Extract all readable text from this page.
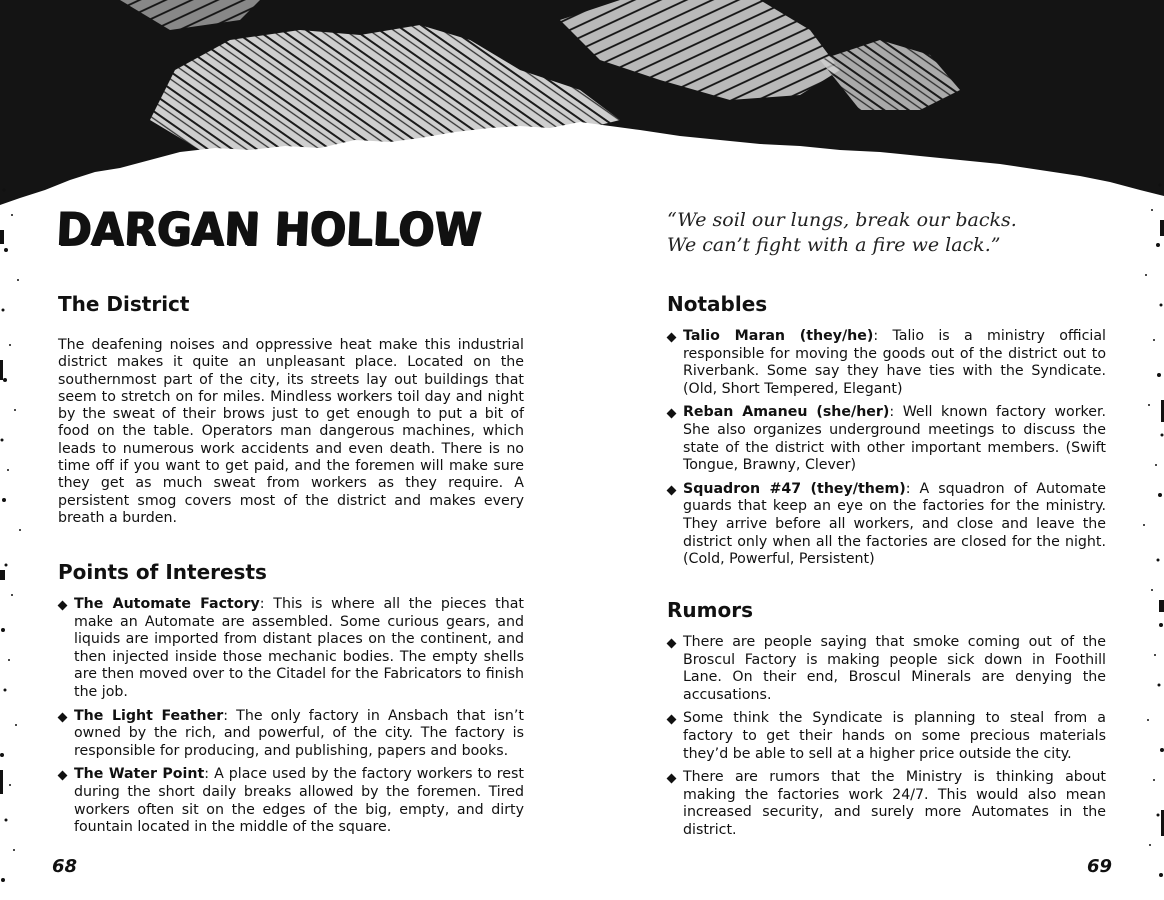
DARGAN HOLLOW	“We soil our lungs, break our backs.
We can’t fight with a fire we lack.”
The District

The deafening noises and oppressive heat make this industrial district makes it quite an unpleasant place. Located on the southernmost part of the city, its streets lay out buildings that seem to stretch on for miles. Mindless workers toil day and night by the sweat of their brows just to get enough to put a bit of food on the table. Operators man dangerous machines, which leads to numerous work accidents and even death. There is no time off if you want to get paid, and the foremen will make sure they get as much sweat from workers as they require. A persistent smog covers most of the district and makes every breath a burden.

Points of Interests
The Automate Factory: This is where all the pieces that make an Automate are assembled. Some curious gears, and liquids are imported from distant places on the continent, and then injected inside those mechanic bodies. The empty shells are then moved over to the Citadel for the Fabricators to finish the job.
The Light Feather: The only factory in Ansbach that isn’t owned by the rich, and powerful, of the city. The factory is responsible for producing, and publishing, papers and books.
The Water Point: A place used by the factory workers to rest during the short daily breaks allowed by the foremen. Tired workers often sit on the edges of the big, empty, and dirty fountain located in the middle of the square.
Notables
Talio Maran (they/he): Talio is a ministry official responsible for moving the goods out of the district out to Riverbank. Some say they have ties with the Syndicate. (Old, Short Tempered, Elegant)
Reban Amaneu (she/her): Well known factory worker. She also organizes underground meetings to discuss the state of the district with other important members. (Swift Tongue, Brawny, Clever)
Squadron #47 (they/them): A squadron of Automate guards that keep an eye on the factories for the ministry. They arrive before all workers, and close and leave the district only when all the factories are closed for the night. (Cold, Powerful, Persistent)
Rumors
There are people saying that smoke coming out of the Broscul Factory is making people sick down in Foothill Lane. On their end, Broscul Minerals are denying the accusations.
Some think the Syndicate is planning to steal from a factory to get their hands on some precious materials they’d be able to sell at a higher price outside the city.
There are rumors that the Ministry is thinking about making the factories work 24/7. This would also mean increased security, and surely more Automates in the district.
68	69
